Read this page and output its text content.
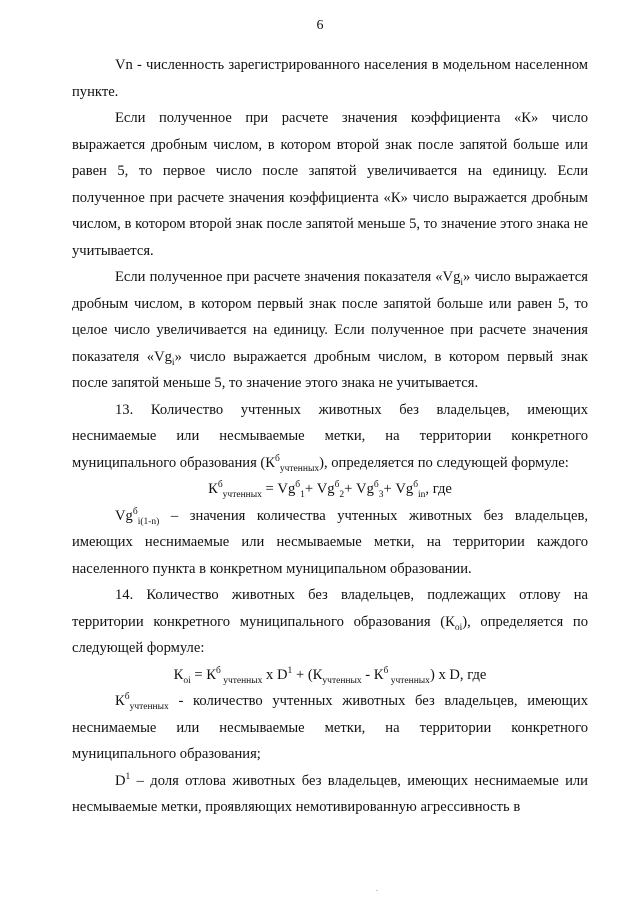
6

Vn - численность зарегистрированного населения в модельном населенном пункте.

Если полученное при расчете значения коэффициента «К» число выражается дробным числом, в котором второй знак после запятой больше или равен 5, то первое число после запятой увеличивается на единицу. Если полученное при расчете значения коэффициента «К» число выражается дробным числом, в котором второй знак после запятой меньше 5, то значение этого знака не учитывается.

Если полученное при расчете значения показателя «$Vg_i$» число выражается дробным числом, в котором первый знак после запятой больше или равен 5, то целое число увеличивается на единицу. Если полученное при расчете значения показателя «$Vg_i$» число выражается дробным числом, в котором первый знак после запятой меньше 5, то значение этого знака не учитывается.

13. Количество учтенных животных без владельцев, имеющих неснимаемые или несмываемые метки, на территории конкретного муниципального образования $(К^б_{учтенных})$, определяется по следующей формуле:

$К^б_{учтенных} = Vg^б_1+ Vg^б_2+ Vg^б_3+ Vg^б_{in}$, где

$Vg^б_{i(1-n)}$ – значения количества учтенных животных без владельцев, имеющих неснимаемые или несмываемые метки, на территории каждого населенного пункта в конкретном муниципальном образовании.

14. Количество животных без владельцев, подлежащих отлову на территории конкретного муниципального образования $(К_{oi})$, определяется по следующей формуле:

$К_{oi} = К^б$ $_{учтенных}$ х $D^1 + (К_{учтенных} - К^б$ $_{учтенных}$) х D, где

$К^б_{учтенных}$ - количество учтенных животных без владельцев, имеющих неснимаемые или несмываемые метки, на территории конкретного муниципального образования;

$D^1$ – доля отлова животных без владельцев, имеющих неснимаемые или несмываемые метки, проявляющих немотивированную агрессивность в

.
